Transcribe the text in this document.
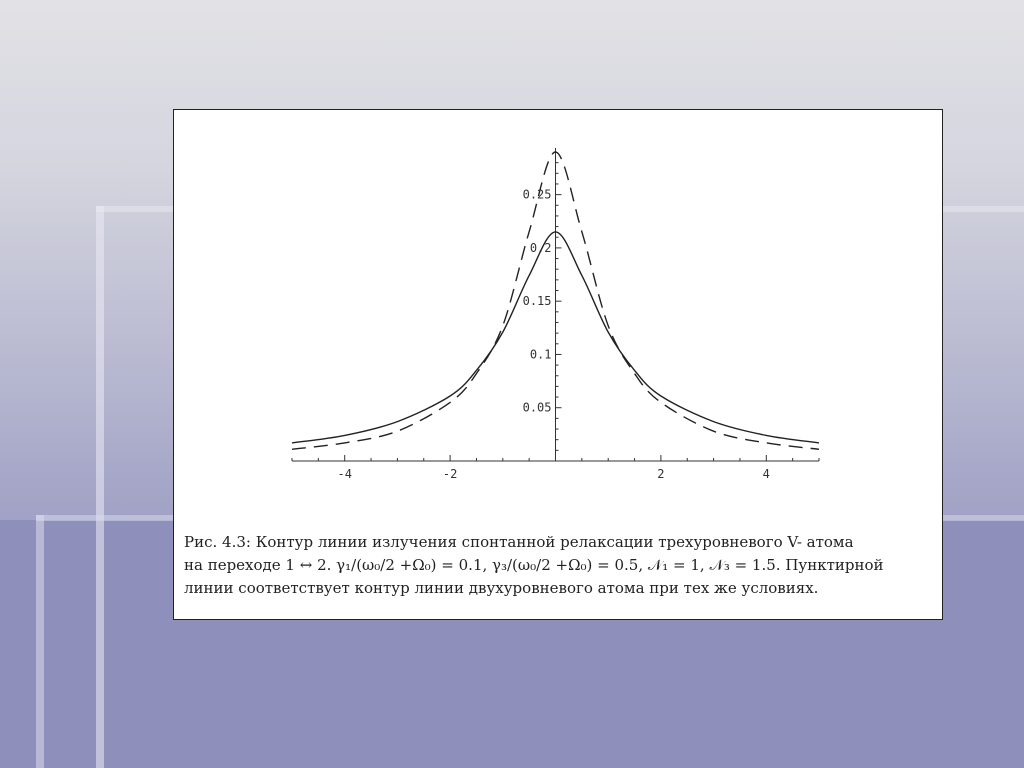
-4	-2	2	4
0.05
0.1
0.15
0.2
0.25
Рис. 4.3: Контур линии излучения спонтанной релаксации трехуровневого V- атома
на переходе 1 ↔ 2. γ₁/(ω₀/2 +Ω₀) = 0.1, γ₃/(ω₀/2 +Ω₀) = 0.5, 𝒩₁ = 1, 𝒩₃ = 1.5. Пунктирной
линии соответствует контур линии двухуровневого атома при тех же условиях.
